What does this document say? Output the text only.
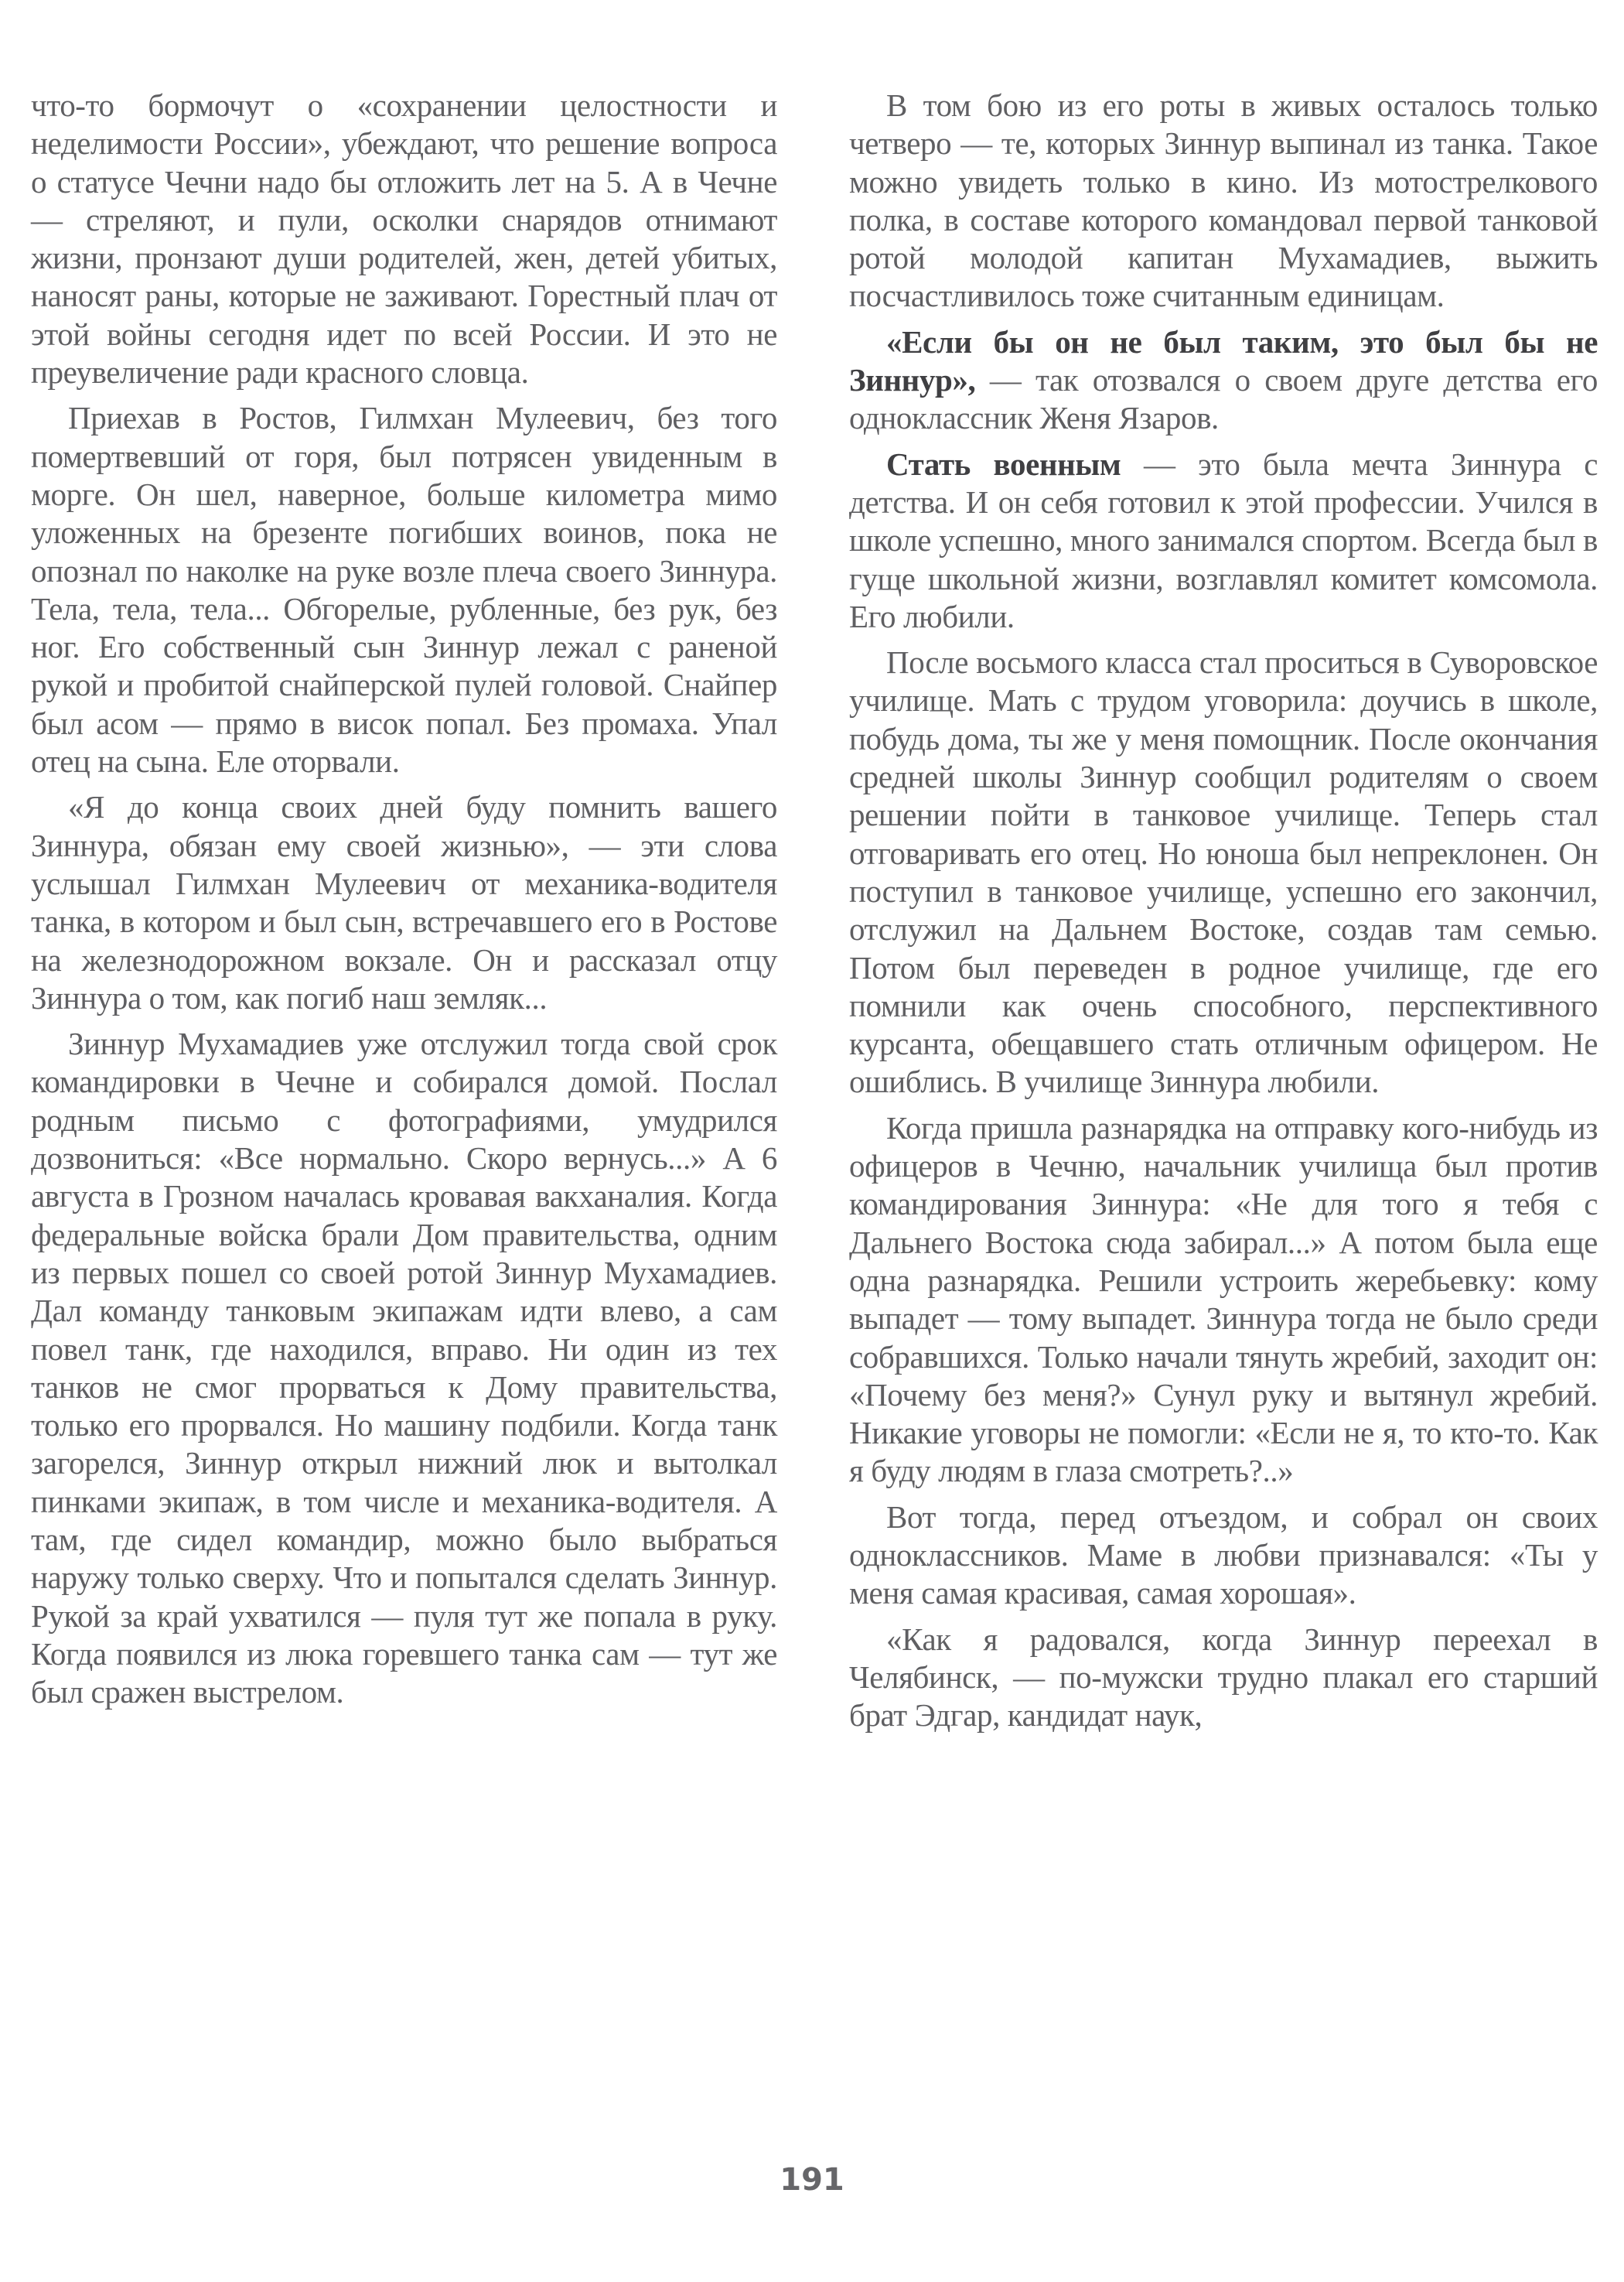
что-то бормочут о «сохранении целостности и неделимости России», убеждают, что решение вопроса о статусе Чечни надо бы отложить лет на 5. А в Чечне — стреляют, и пули, осколки снарядов отнимают жизни, пронзают души родителей, жен, детей убитых, наносят раны, которые не заживают. Горестный плач от этой войны сегодня идет по всей России. И это не преувеличение ради красного словца.

Приехав в Ростов, Гилмхан Мулеевич, без того помертвевший от горя, был потрясен увиденным в морге. Он шел, наверное, больше километра мимо уложенных на брезенте погибших воинов, пока не опознал по наколке на руке возле плеча своего Зиннура. Тела, тела, тела... Обгорелые, рубленные, без рук, без ног. Его собственный сын Зиннур лежал с раненой рукой и пробитой снайперской пулей головой. Снайпер был асом — прямо в висок попал. Без промаха. Упал отец на сына. Еле оторвали.

«Я до конца своих дней буду помнить вашего Зиннура, обязан ему своей жизнью», — эти слова услышал Гилмхан Мулеевич от механика-водителя танка, в котором и был сын, встречавшего его в Ростове на железнодорожном вокзале. Он и рассказал отцу Зиннура о том, как погиб наш земляк...

Зиннур Мухамадиев уже отслужил тогда свой срок командировки в Чечне и собирался домой. Послал родным письмо с фотографиями, умудрился дозвониться: «Все нормально. Скоро вернусь...» А 6 августа в Грозном началась кровавая вакханалия. Когда федеральные войска брали Дом правительства, одним из первых пошел со своей ротой Зиннур Мухамадиев. Дал команду танковым экипажам идти влево, а сам повел танк, где находился, вправо. Ни один из тех танков не смог прорваться к Дому правительства, только его прорвался. Но машину подбили. Когда танк загорелся, Зиннур открыл нижний люк и вытолкал пинками экипаж, в том числе и механика-водителя. А там, где сидел командир, можно было выбраться наружу только сверху. Что и попытался сделать Зиннур. Рукой за край ухватился — пуля тут же попала в руку. Когда появился из люка горевшего танка сам — тут же был сражен выстрелом.

В том бою из его роты в живых осталось только четверо — те, которых Зиннур выпинал из танка. Такое можно увидеть только в кино. Из мотострелкового полка, в составе которого командовал первой танковой ротой молодой капитан Мухамадиев, выжить посчастливилось тоже считанным единицам.

«Если бы он не был таким, это был бы не Зиннур», — так отозвался о своем друге детства его одноклассник Женя Язаров.

Стать военным — это была мечта Зиннура с детства. И он себя готовил к этой профессии. Учился в школе успешно, много занимался спортом. Всегда был в гуще школьной жизни, возглавлял комитет комсомола. Его любили.

После восьмого класса стал проситься в Суворовское училище. Мать с трудом уговорила: доучись в школе, побудь дома, ты же у меня помощник. После окончания средней школы Зиннур сообщил родителям о своем решении пойти в танковое училище. Теперь стал отговаривать его отец. Но юноша был непреклонен. Он поступил в танковое училище, успешно его закончил, отслужил на Дальнем Востоке, создав там семью. Потом был переведен в родное училище, где его помнили как очень способного, перспективного курсанта, обещавшего стать отличным офицером. Не ошиблись. В училище Зиннура любили.

Когда пришла разнарядка на отправку кого-нибудь из офицеров в Чечню, начальник училища был против командирования Зиннура: «Не для того я тебя с Дальнего Востока сюда забирал...» А потом была еще одна разнарядка. Решили устроить жеребьевку: кому выпадет — тому выпадет. Зиннура тогда не было среди собравшихся. Только начали тянуть жребий, заходит он: «Почему без меня?» Сунул руку и вытянул жребий. Никакие уговоры не помогли: «Если не я, то кто-то. Как я буду людям в глаза смотреть?..»

Вот тогда, перед отъездом, и собрал он своих одноклассников. Маме в любви признавался: «Ты у меня самая красивая, самая хорошая».

«Как я радовался, когда Зиннур переехал в Челябинск, — по-мужски трудно плакал его старший брат Эдгар, кандидат наук,

191
